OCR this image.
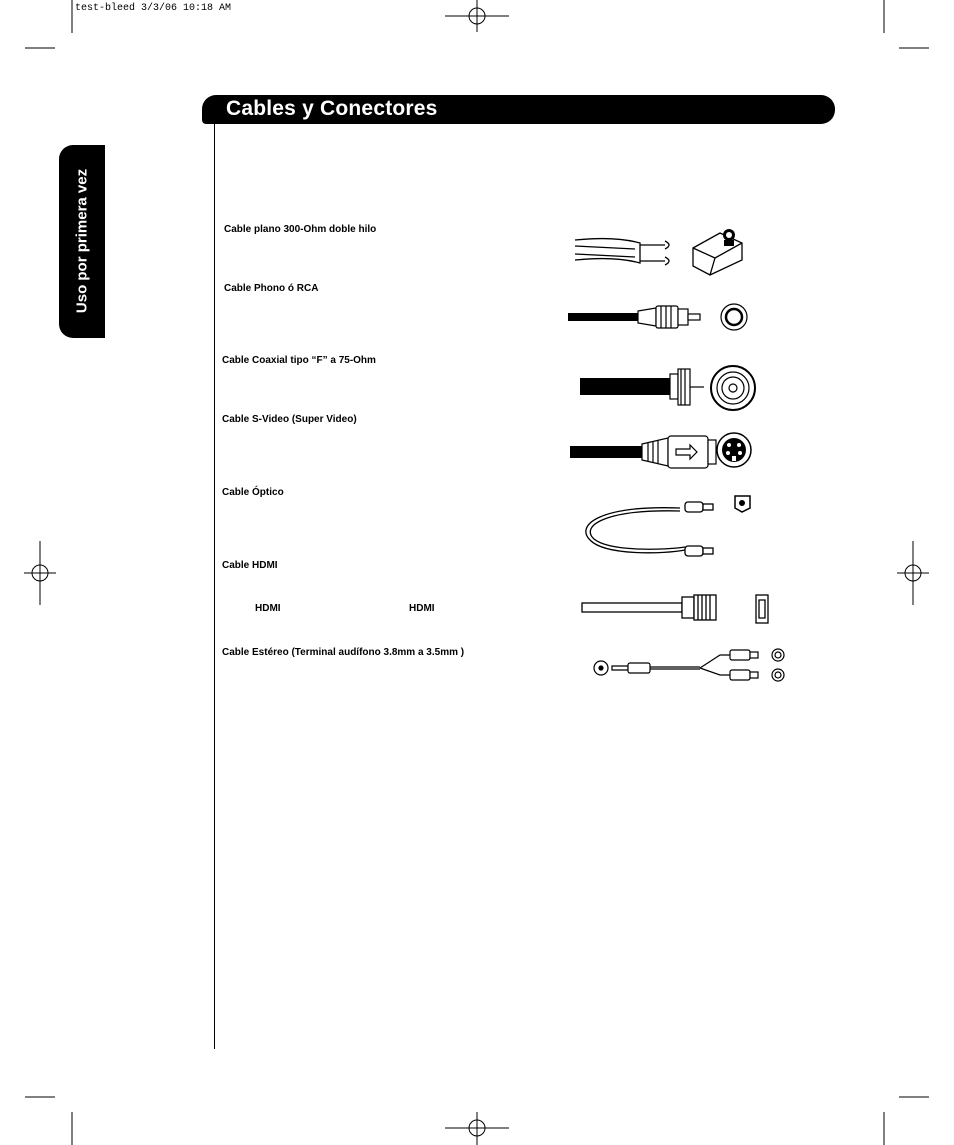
test-bleed 3/3/06 10:18 AM
Cables y Conectores
Uso por primera vez	Cable plano 300-Ohm doble hilo
Cable Phono ó RCA
Cable Coaxial tipo “F” a 75-Ohm
Cable S-Video (Super Video)
Cable Óptico
Cable HDMI
HDMI	HDMI
Cable Estéreo (Terminal audífono 3.8mm a 3.5mm )
